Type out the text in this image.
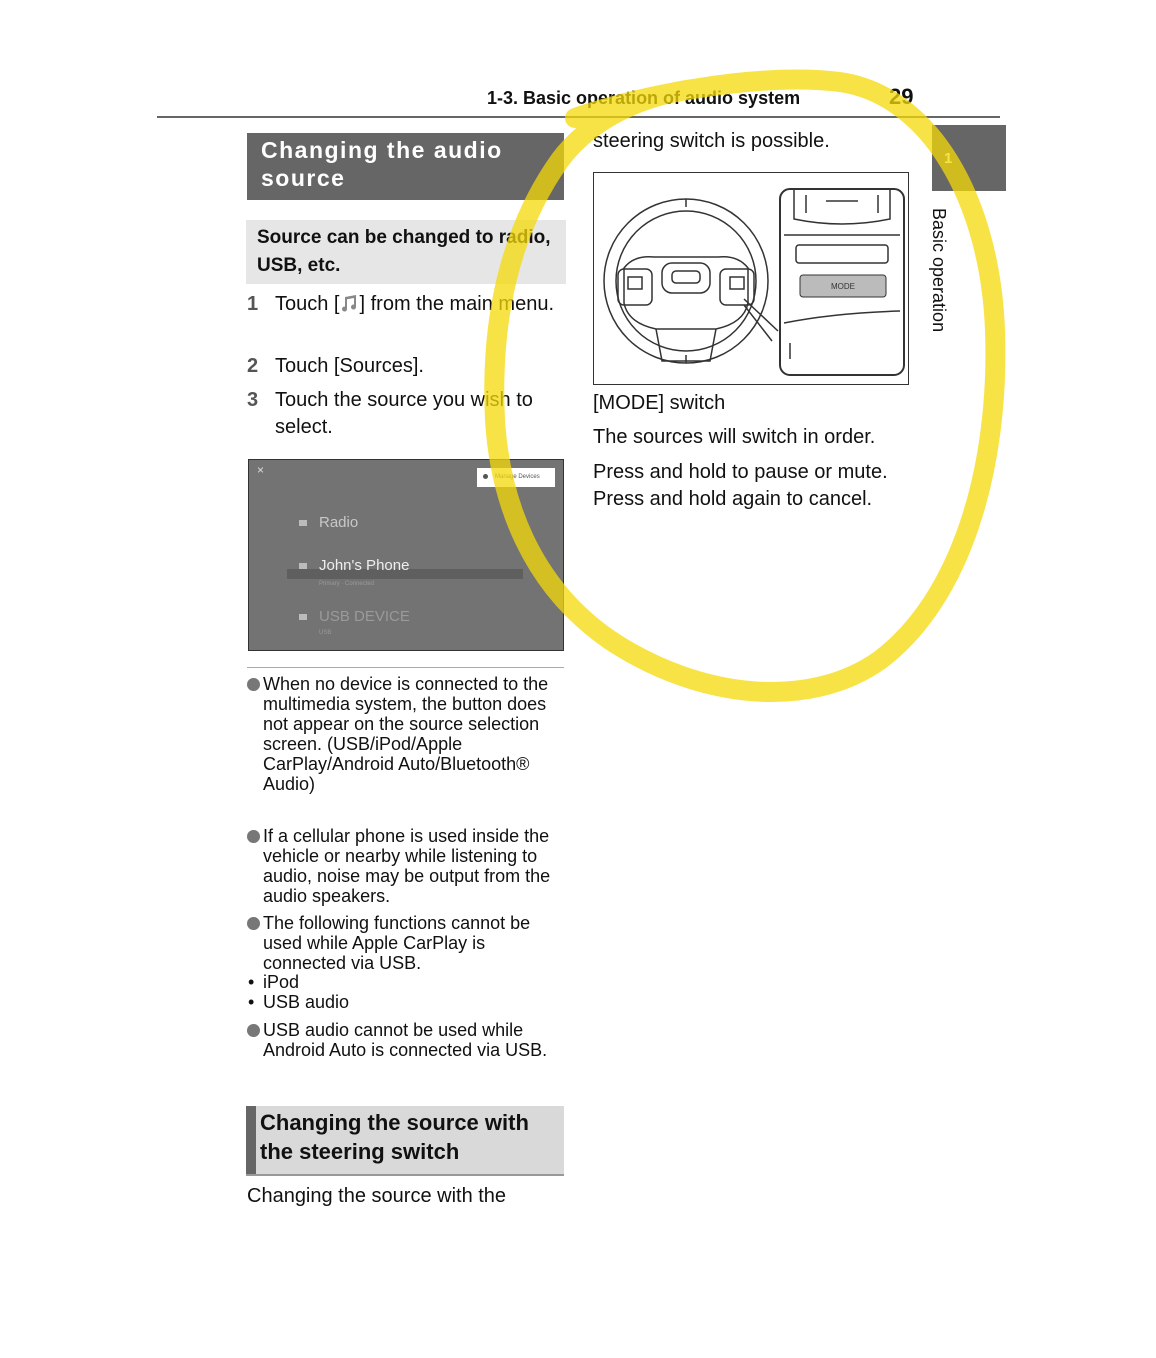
1-3. Basic operation of audio system	29
1
Basic operation
Changing the audio source
Source can be changed to radio, USB, etc.
1 Touch [ ] from the main menu.
2 Touch [Sources].
3 Touch the source you wish to select.
×	Manage Devices
Radio
John's Phone
Primary · Connected
USB DEVICE
USB
When no device is connected to the multimedia system, the button does not appear on the source selection screen. (USB/iPod/Apple CarPlay/Android Auto/Bluetooth® Audio)
If a cellular phone is used inside the vehicle or nearby while listening to audio, noise may be output from the audio speakers.
The following functions cannot be used while Apple CarPlay is connected via USB.
• iPod
• USB audio
USB audio cannot be used while Android Auto is connected via USB.
Changing the source with the steering switch
Changing the source with the
steering switch is possible.
MODE
[MODE] switch
The sources will switch in order.
Press and hold to pause or mute. Press and hold again to cancel.
